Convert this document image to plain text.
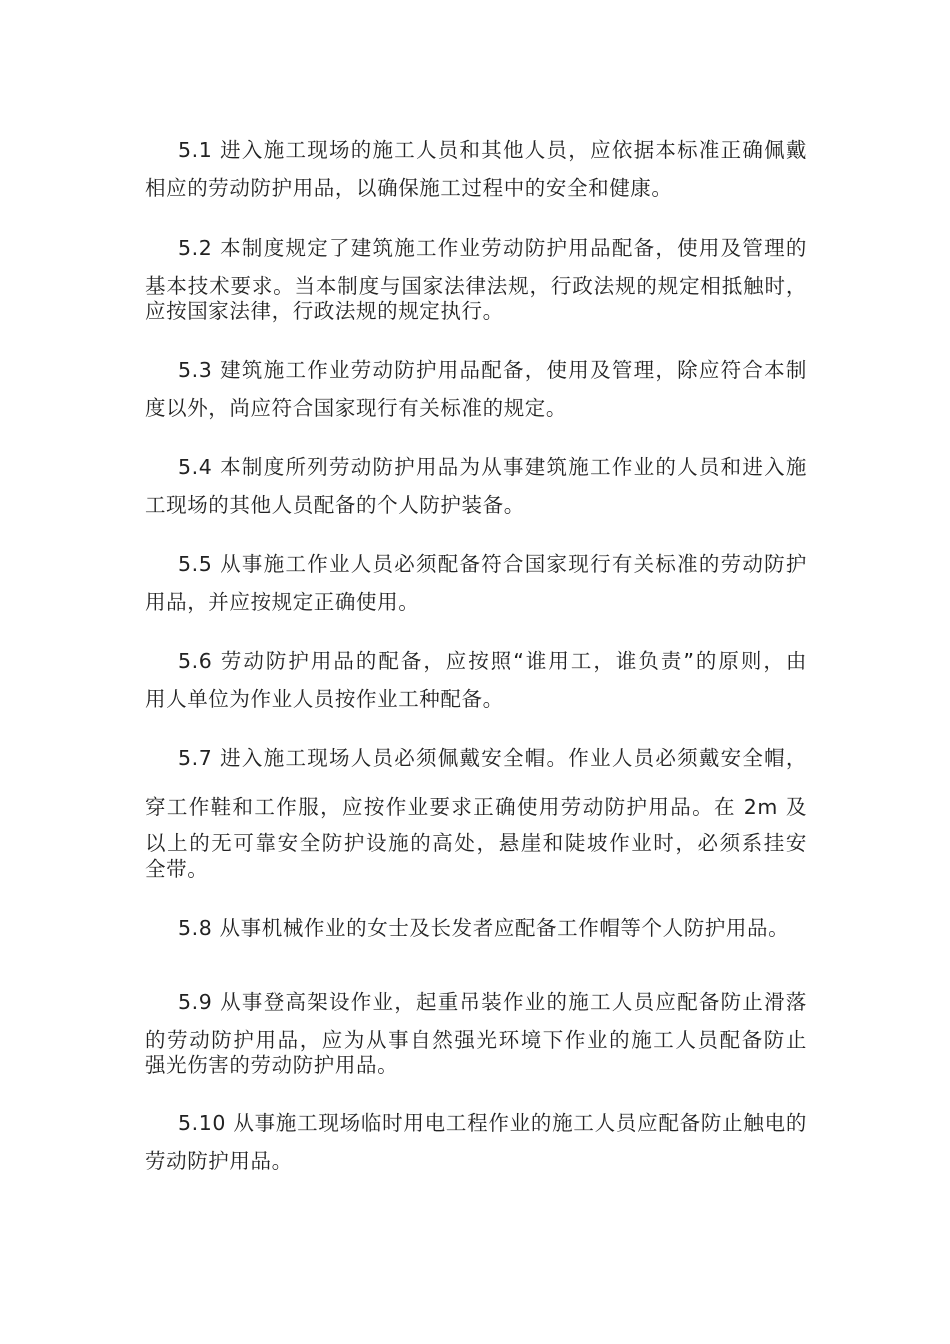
5.1 进入施工现场的施工人员和其他人员，应依据本标准正确佩戴
相应的劳动防护用品，以确保施工过程中的安全和健康。
5.2 本制度规定了建筑施工作业劳动防护用品配备，使用及管理的
基本技术要求。当本制度与国家法律法规，行政法规的规定相抵触时，
应按国家法律，行政法规的规定执行。
5.3 建筑施工作业劳动防护用品配备，使用及管理，除应符合本制
度以外，尚应符合国家现行有关标准的规定。
5.4 本制度所列劳动防护用品为从事建筑施工作业的人员和进入施
工现场的其他人员配备的个人防护装备。
5.5 从事施工作业人员必须配备符合国家现行有关标准的劳动防护
用品，并应按规定正确使用。
5.6 劳动防护用品的配备，应按照“谁用工，谁负责”的原则，由
用人单位为作业人员按作业工种配备。
5.7 进入施工现场人员必须佩戴安全帽。作业人员必须戴安全帽，
穿工作鞋和工作服，应按作业要求正确使用劳动防护用品。在 2m 及
以上的无可靠安全防护设施的高处，悬崖和陡坡作业时，必须系挂安
全带。
5.8 从事机械作业的女士及长发者应配备工作帽等个人防护用品。
5.9 从事登高架设作业，起重吊装作业的施工人员应配备防止滑落
的劳动防护用品，应为从事自然强光环境下作业的施工人员配备防止
强光伤害的劳动防护用品。
5.10 从事施工现场临时用电工程作业的施工人员应配备防止触电的
劳动防护用品。
